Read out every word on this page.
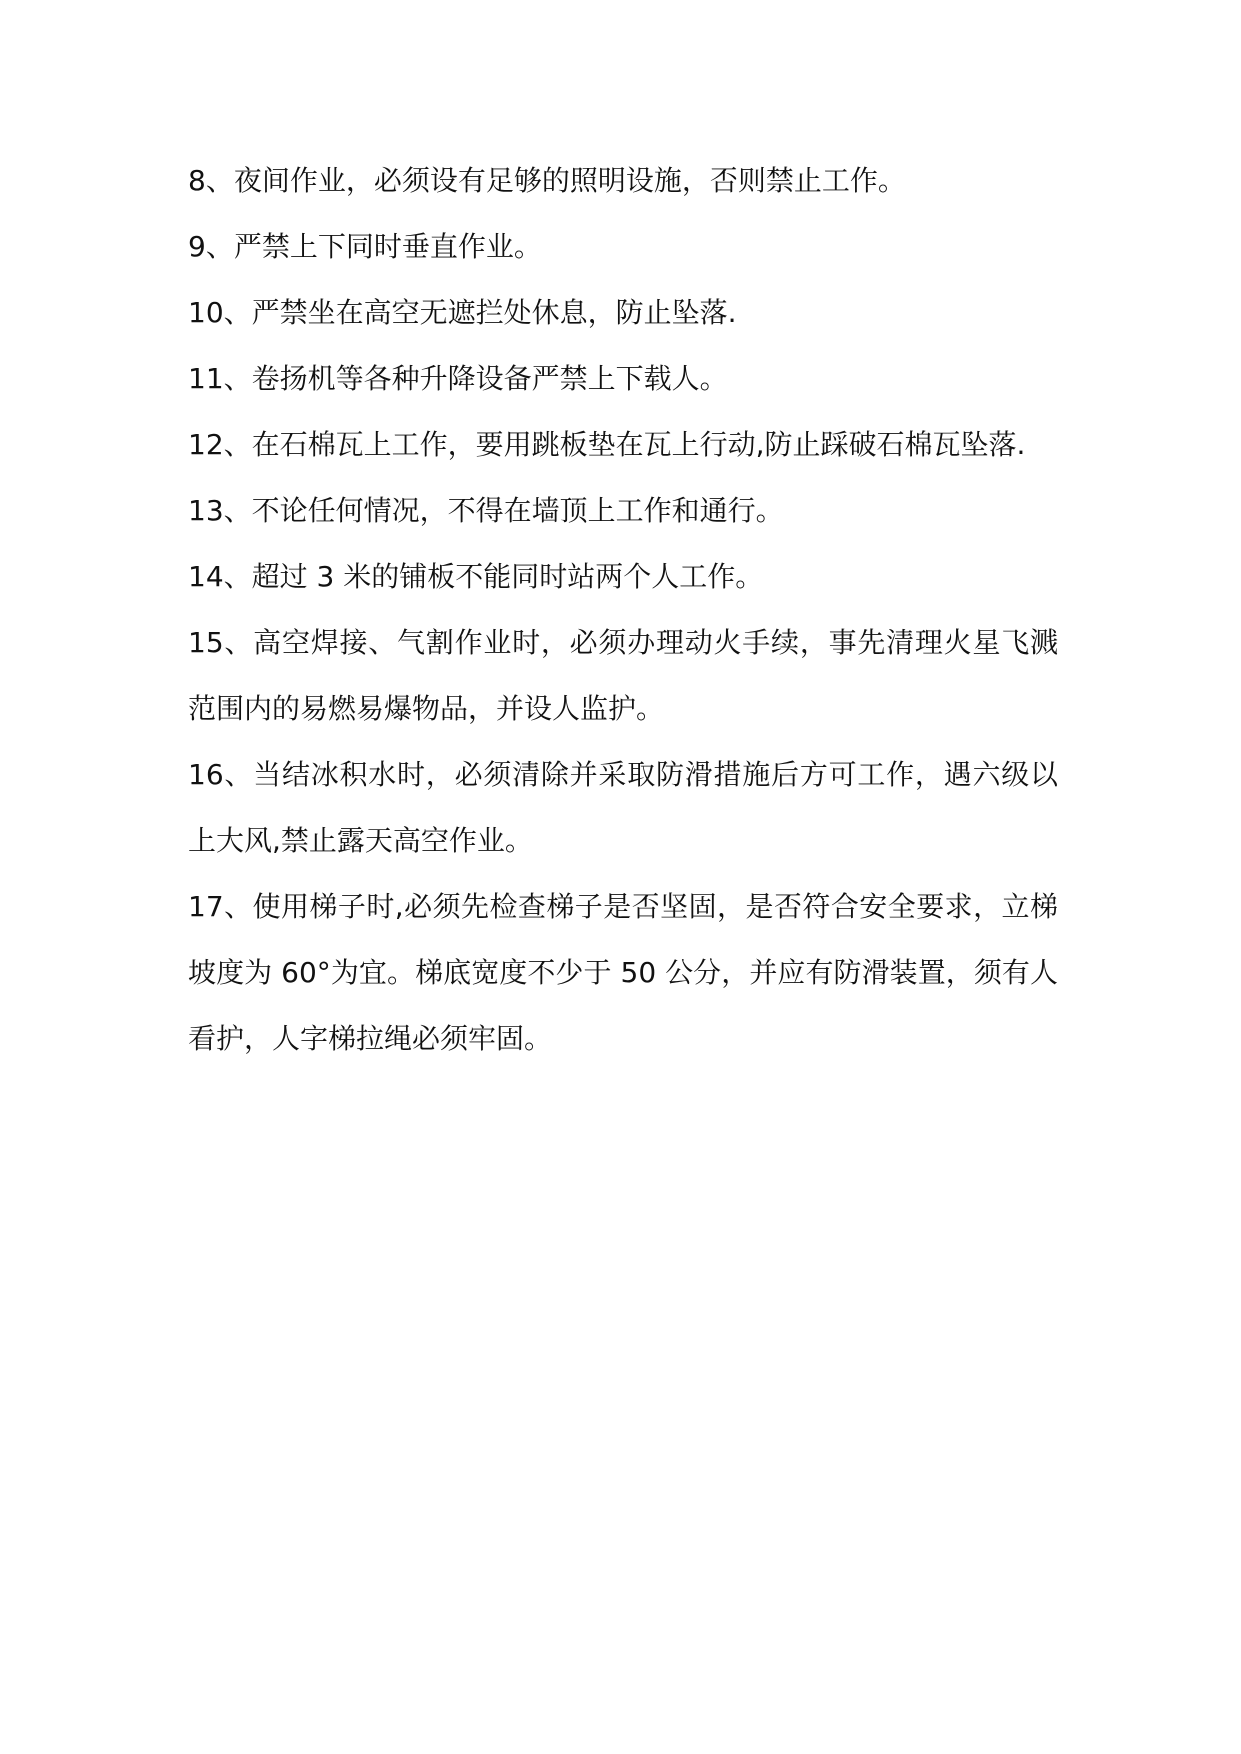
8、夜间作业，必须设有足够的照明设施，否则禁止工作。

9、严禁上下同时垂直作业。

10、严禁坐在高空无遮拦处休息，防止坠落.

11、卷扬机等各种升降设备严禁上下载人。

12、在石棉瓦上工作，要用跳板垫在瓦上行动,防止踩破石棉瓦坠落.

13、不论任何情况，不得在墙顶上工作和通行。

14、超过 3 米的铺板不能同时站两个人工作。

15、高空焊接、气割作业时，必须办理动火手续，事先清理火星飞溅范围内的易燃易爆物品，并设人监护。

16、当结冰积水时，必须清除并采取防滑措施后方可工作，遇六级以上大风,禁止露天高空作业。

17、使用梯子时,必须先检查梯子是否坚固，是否符合安全要求，立梯坡度为 60°为宜。梯底宽度不少于 50 公分，并应有防滑装置，须有人看护，人字梯拉绳必须牢固。
